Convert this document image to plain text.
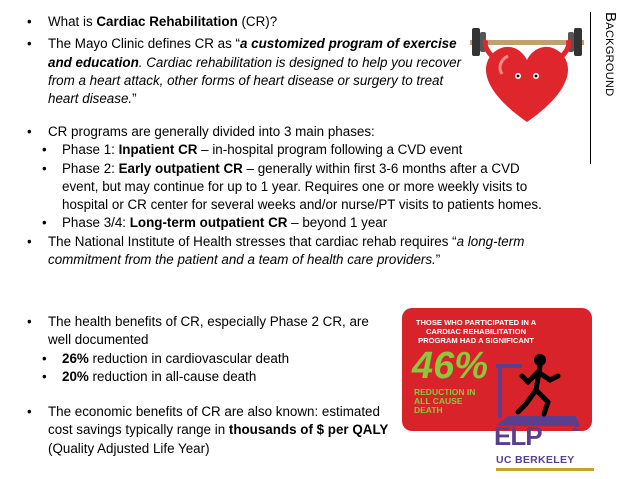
Background
• What is Cardiac Rehabilitation (CR)?
• The Mayo Clinic defines CR as “a customized program of exercise and education. Cardiac rehabilitation is designed to help you recover from a heart attack, other forms of heart disease or surgery to treat heart disease.”
• CR programs are generally divided into 3 main phases:
• Phase 1: Inpatient CR – in-hospital program following a CVD event
• Phase 2: Early outpatient CR – generally within first 3-6 months after a CVD event, but may continue for up to 1 year. Requires one or more weekly visits to hospital or CR center for several weeks and/or nurse/PT visits to patients homes.
• Phase 3/4: Long-term outpatient CR – beyond 1 year
• The National Institute of Health stresses that cardiac rehab requires “a long-term commitment from the patient and a team of health care providers.”
• The health benefits of CR, especially Phase 2 CR, are well documented
• 26% reduction in cardiovascular death
• 20% reduction in all-cause death
• The economic benefits of CR are also known: estimated cost savings typically range in thousands of $ per QALY (Quality Adjusted Life Year)
THOSE WHO PARTICIPATED IN A CARDIAC REHABILITATION PROGRAM HAD A SIGNIFICANT
46%
REDUCTION IN ALL CAUSE DEATH
ELP 2
UC BERKELEY
